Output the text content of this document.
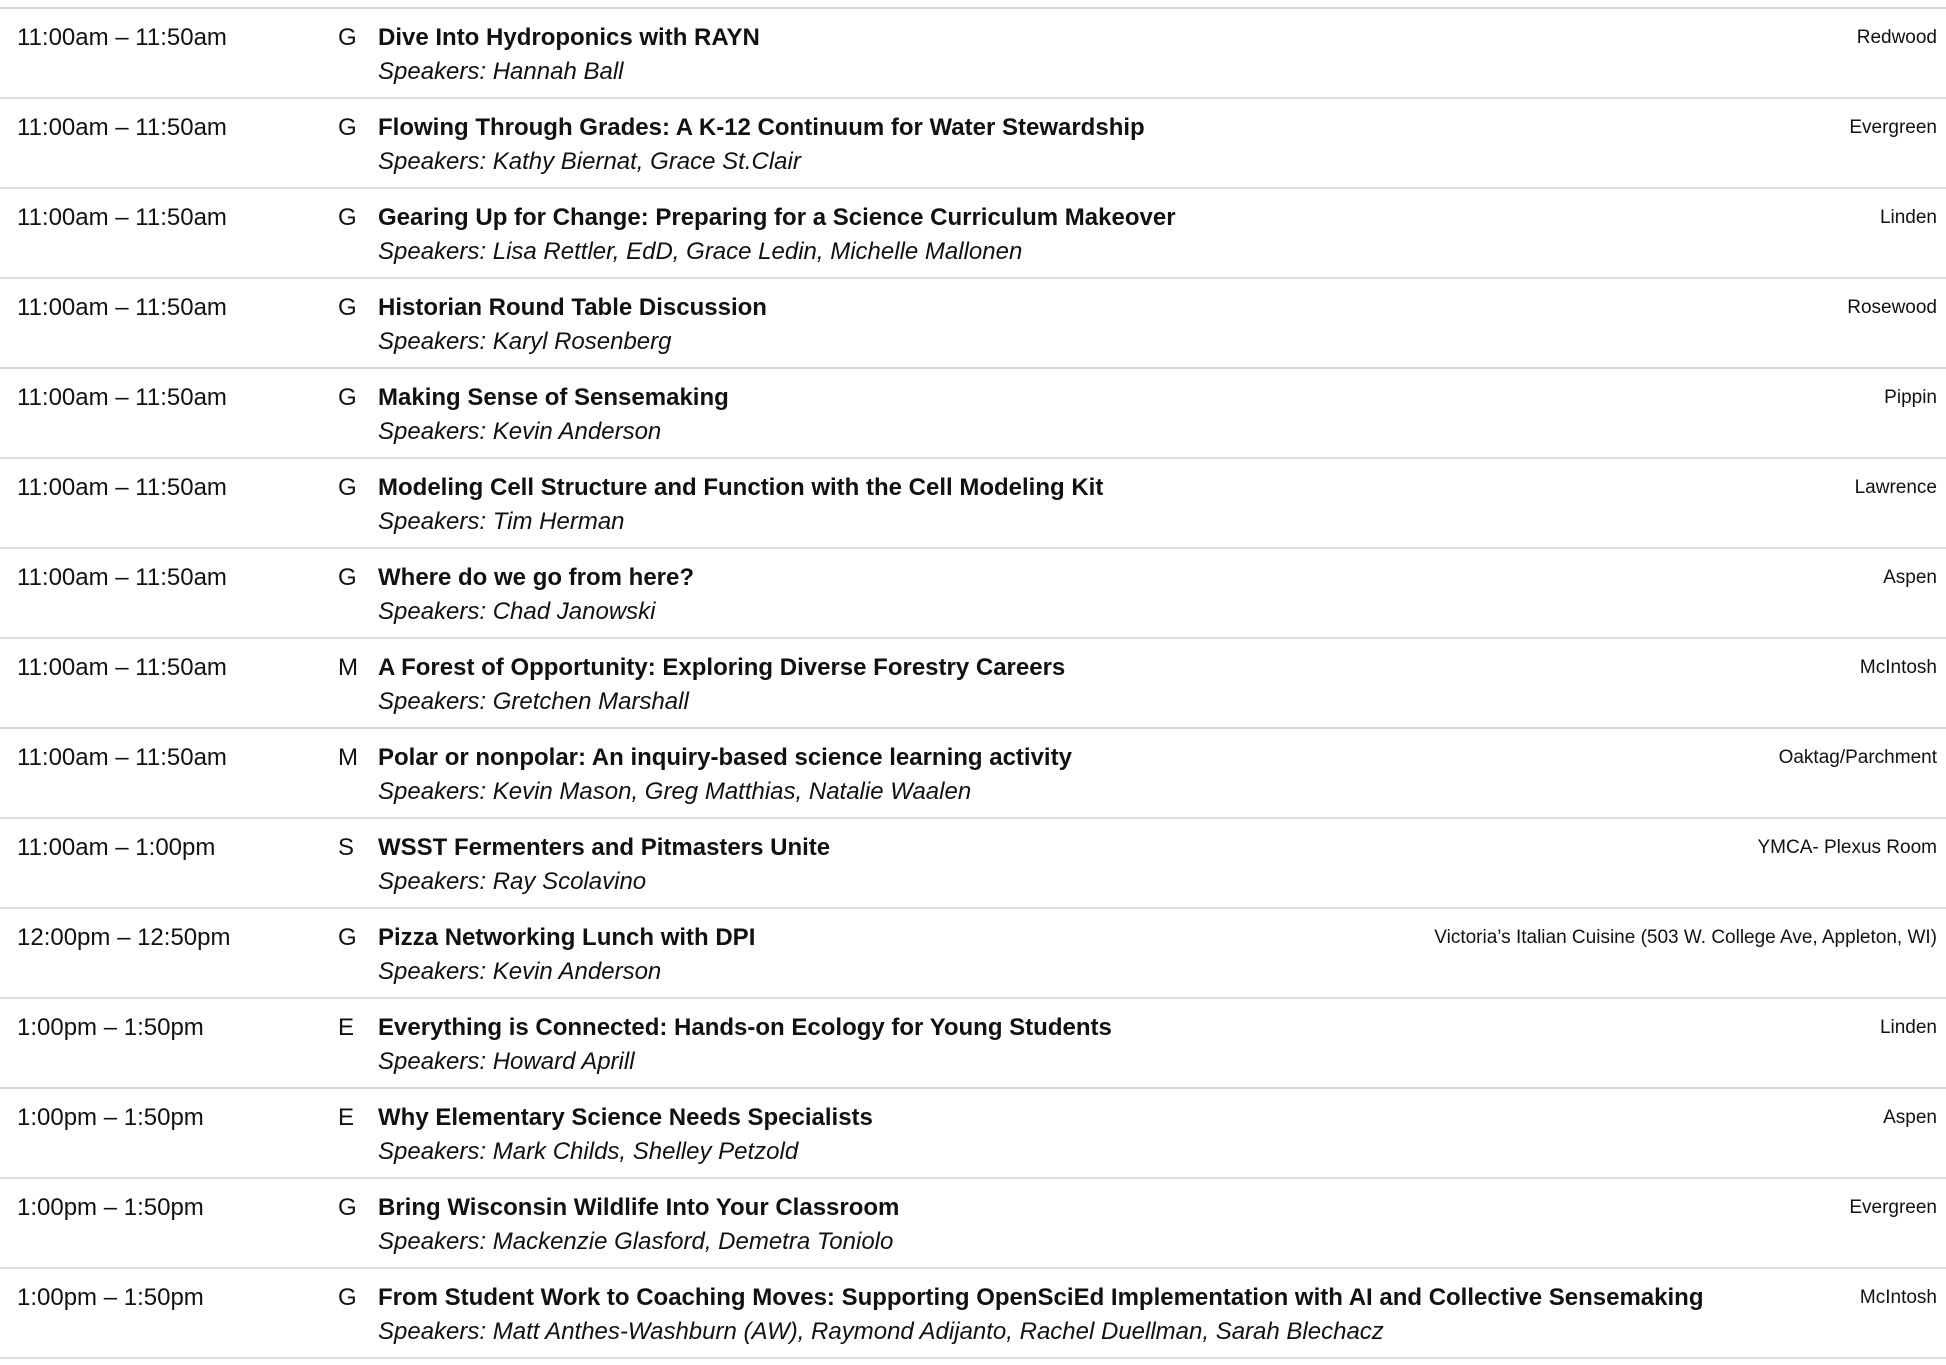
11:00am – 11:50am	G Dive Into Hydroponics with RAYN
Speakers: Hannah Ball
Redwood
11:00am – 11:50am	G Flowing Through Grades: A K-12 Continuum for Water Stewardship
Speakers: Kathy Biernat, Grace St.Clair
Evergreen
11:00am – 11:50am	G Gearing Up for Change: Preparing for a Science Curriculum Makeover
Speakers: Lisa Rettler, EdD, Grace Ledin, Michelle Mallonen
Linden
11:00am – 11:50am	G Historian Round Table Discussion
Speakers: Karyl Rosenberg
Rosewood
11:00am – 11:50am	G Making Sense of Sensemaking
Speakers: Kevin Anderson
Pippin
11:00am – 11:50am	G Modeling Cell Structure and Function with the Cell Modeling Kit
Speakers: Tim Herman
Lawrence
11:00am – 11:50am	G Where do we go from here?
Speakers: Chad Janowski
Aspen
11:00am – 11:50am	M A Forest of Opportunity: Exploring Diverse Forestry Careers
Speakers: Gretchen Marshall
McIntosh
11:00am – 11:50am	M Polar or nonpolar: An inquiry-based science learning activity
Speakers: Kevin Mason, Greg Matthias, Natalie Waalen
Oaktag/Parchment
11:00am – 1:00pm	S WSST Fermenters and Pitmasters Unite
Speakers: Ray Scolavino
YMCA- Plexus Room
12:00pm – 12:50pm	G Pizza Networking Lunch with DPI
Speakers: Kevin Anderson
Victoria’s Italian Cuisine (503 W. College Ave, Appleton, WI)
1:00pm – 1:50pm	E Everything is Connected: Hands-on Ecology for Young Students
Speakers: Howard Aprill
Linden
1:00pm – 1:50pm	E Why Elementary Science Needs Specialists
Speakers: Mark Childs, Shelley Petzold
Aspen
1:00pm – 1:50pm	G Bring Wisconsin Wildlife Into Your Classroom
Speakers: Mackenzie Glasford, Demetra Toniolo
Evergreen
1:00pm – 1:50pm	G From Student Work to Coaching Moves: Supporting OpenSciEd Implementation with AI and Collective Sensemaking
Speakers: Matt Anthes-Washburn (AW), Raymond Adijanto, Rachel Duellman, Sarah Blechacz
McIntosh
